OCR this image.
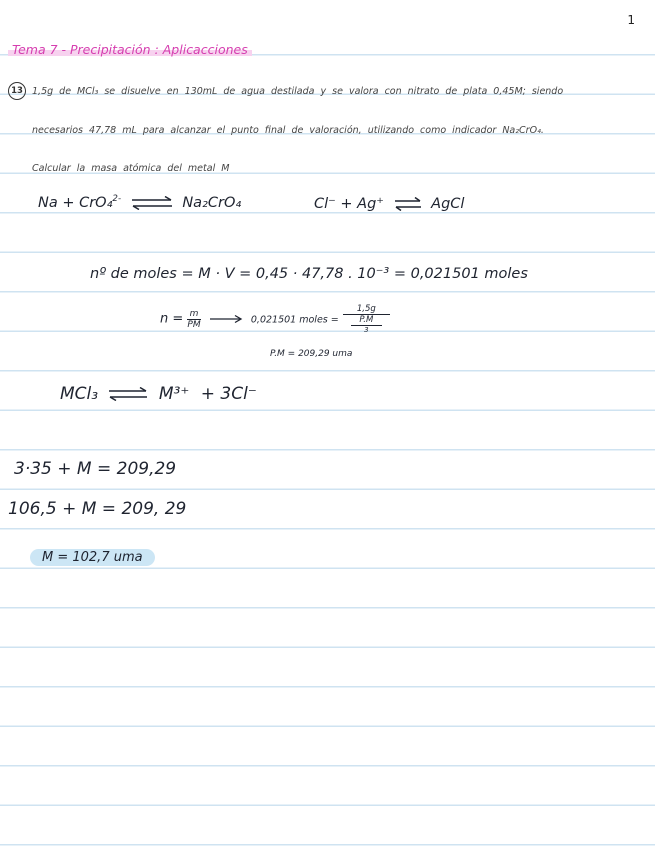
1
Tema 7 - Precipitación : Aplicacciones
13 1,5g de MCl₃ se disuelve en 130mL de agua destilada y se valora con nitrato de plata 0,45M; siendo
necesarios 47,78 mL para alcanzar el punto final de valoración, utilizando como indicador Na₂CrO₄.
Calcular la masa atómica del metal M
Na + CrO₄$^{2-}$ ⇌ Na₂CrO₄	Cl⁻ + Ag⁺ ⇌ AgCl
nº de moles = M · V = 0,45 · 47,78 . 10⁻³ = 0,021501 moles
$n = \frac{m}{PM}$	0,021501 moles = 1,5g
P.M
3
P.M = 209,29 uma
MCl₃ ⇌ M³⁺ + 3Cl⁻
3·35 + M = 209,29
106,5 + M = 209, 29
M = 102,7 uma
